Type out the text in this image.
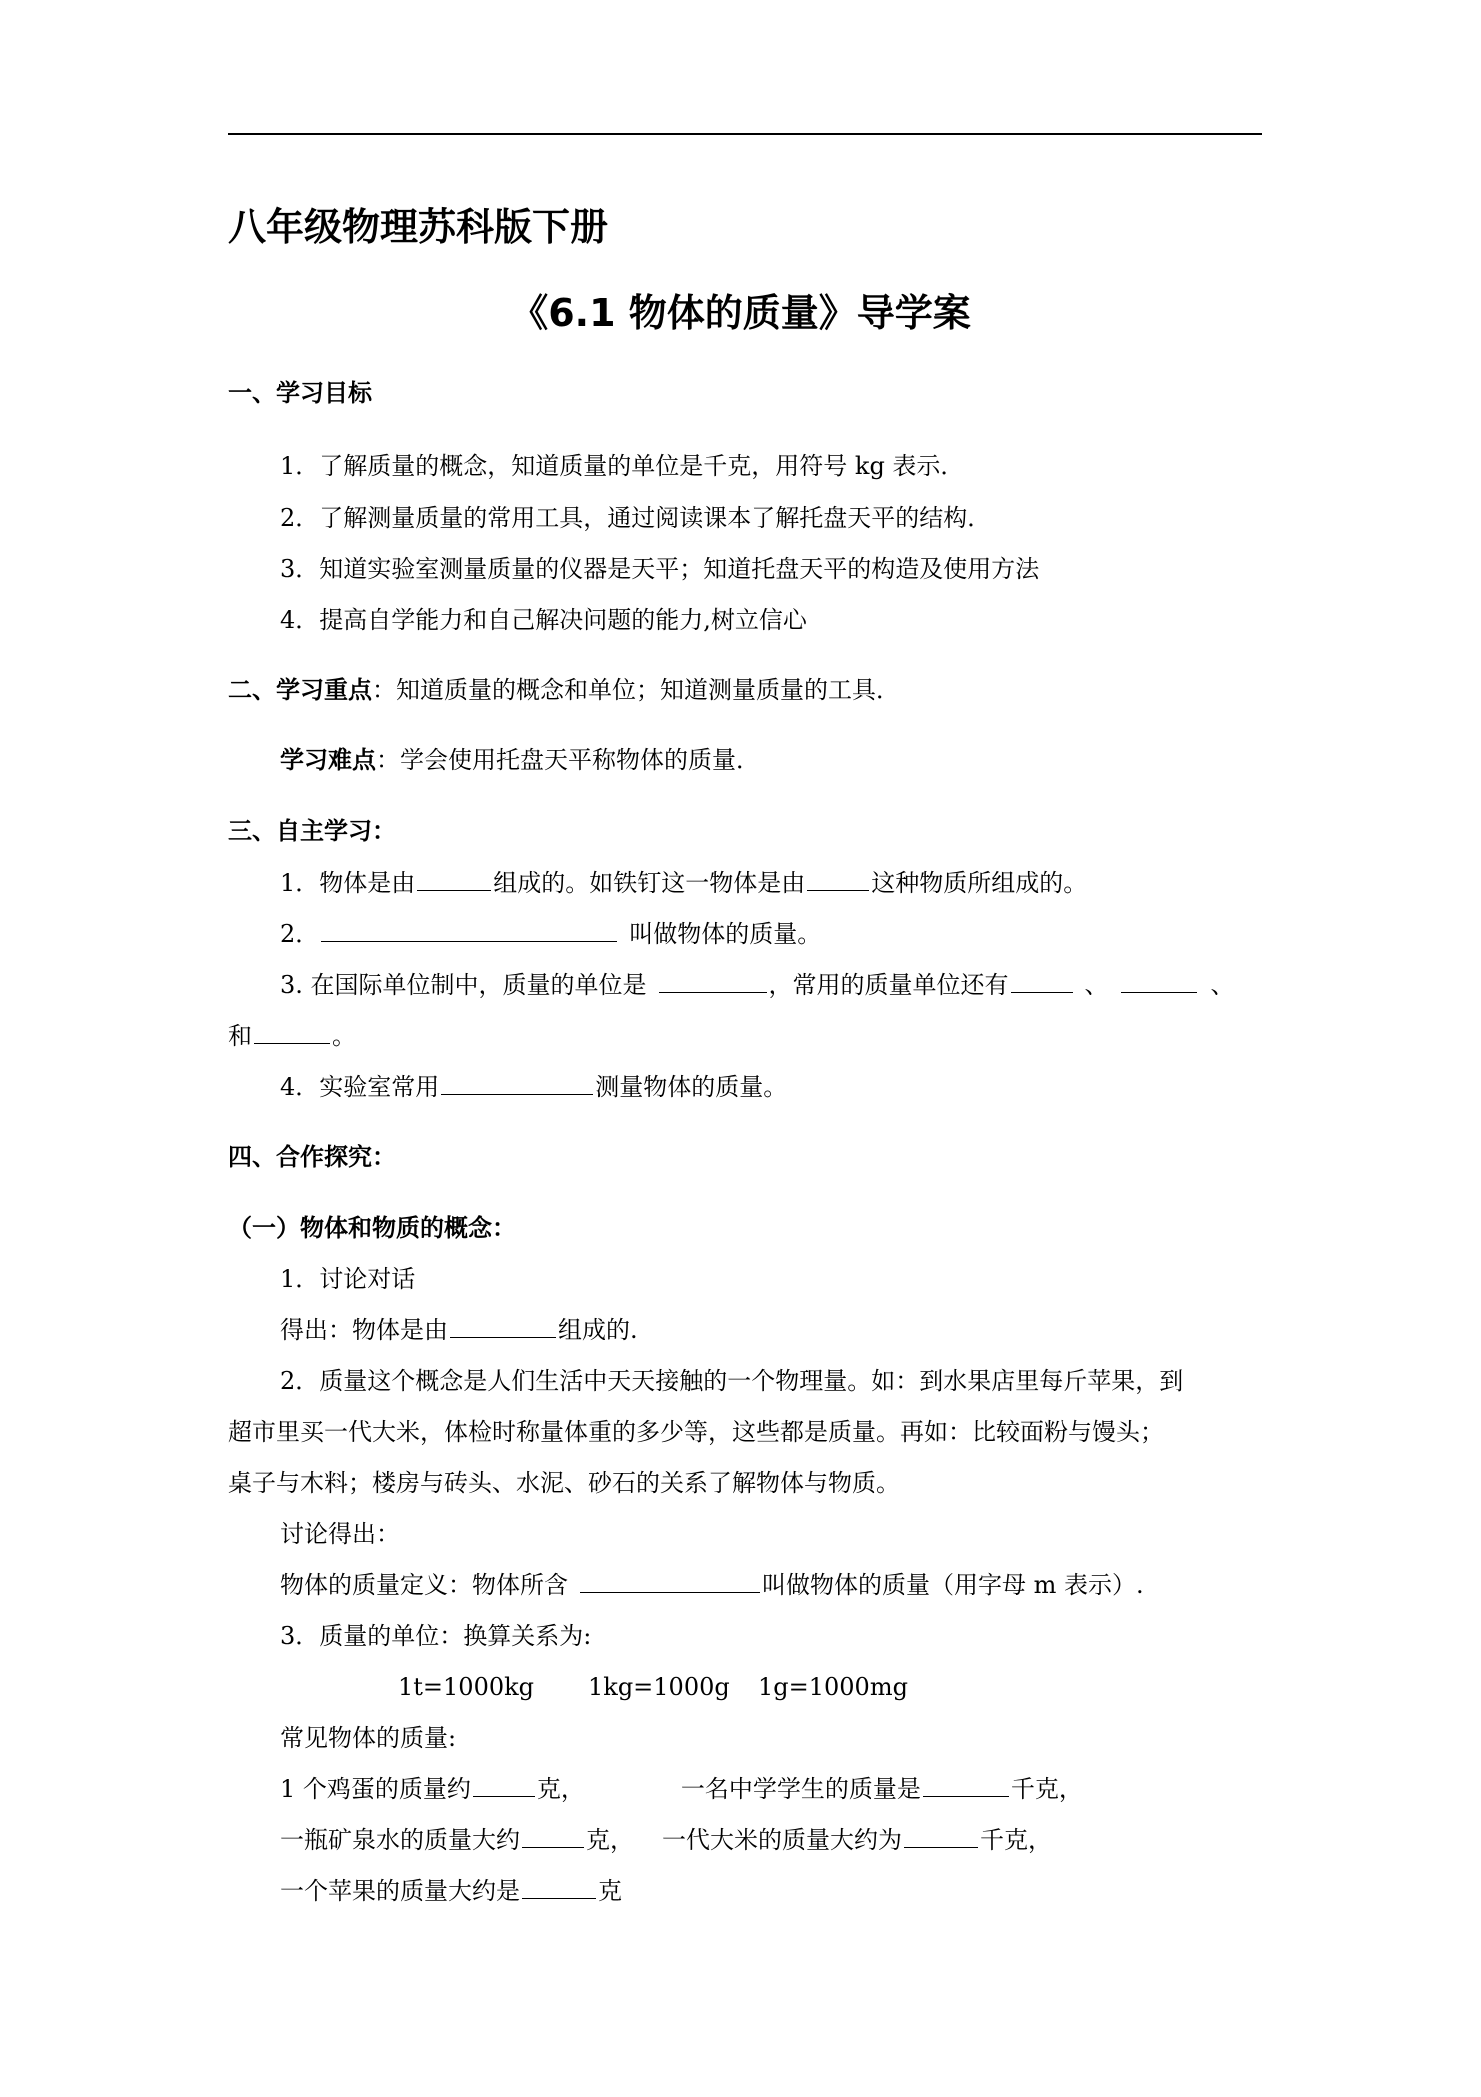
八年级物理苏科版下册
《6.1 物体的质量》导学案
一、学习目标
1．了解质量的概念，知道质量的单位是千克，用符号 kg 表示．
2．了解测量质量的常用工具，通过阅读课本了解托盘天平的结构．
3．知道实验室测量质量的仪器是天平；知道托盘天平的构造及使用方法
4．提高自学能力和自己解决问题的能力,树立信心
二、学习重点：知道质量的概念和单位；知道测量质量的工具．
学习难点：学会使用托盘天平称物体的质量．
三、自主学习：
1．物体是由	组成的。如铁钉这一物体是由	这种物质所组成的。
2．	叫做物体的质量。
3. 在国际单位制中，质量的单位是	，常用的质量单位还有	、	、
和	。
4．实验室常用	测量物体的质量。
四、合作探究：
（一）物体和物质的概念：
1．讨论对话
得出：物体是由	组成的.
2．质量这个概念是人们生活中天天接触的一个物理量。如：到水果店里每斤苹果，到
超市里买一代大米，体检时称量体重的多少等，这些都是质量。再如：比较面粉与馒头；
桌子与木料；楼房与砖头、水泥、砂石的关系了解物体与物质。
讨论得出：
物体的质量定义：物体所含	叫做物体的质量（用字母 m 表示）.
3．质量的单位：换算关系为:
1t=1000kg 1kg=1000g 1g=1000mg
常见物体的质量:
1 个鸡蛋的质量约	克，	一名中学学生的质量是	千克，
一瓶矿泉水的质量大约	克， 一代大米的质量大约为	千克，
一个苹果的质量大约是	克
